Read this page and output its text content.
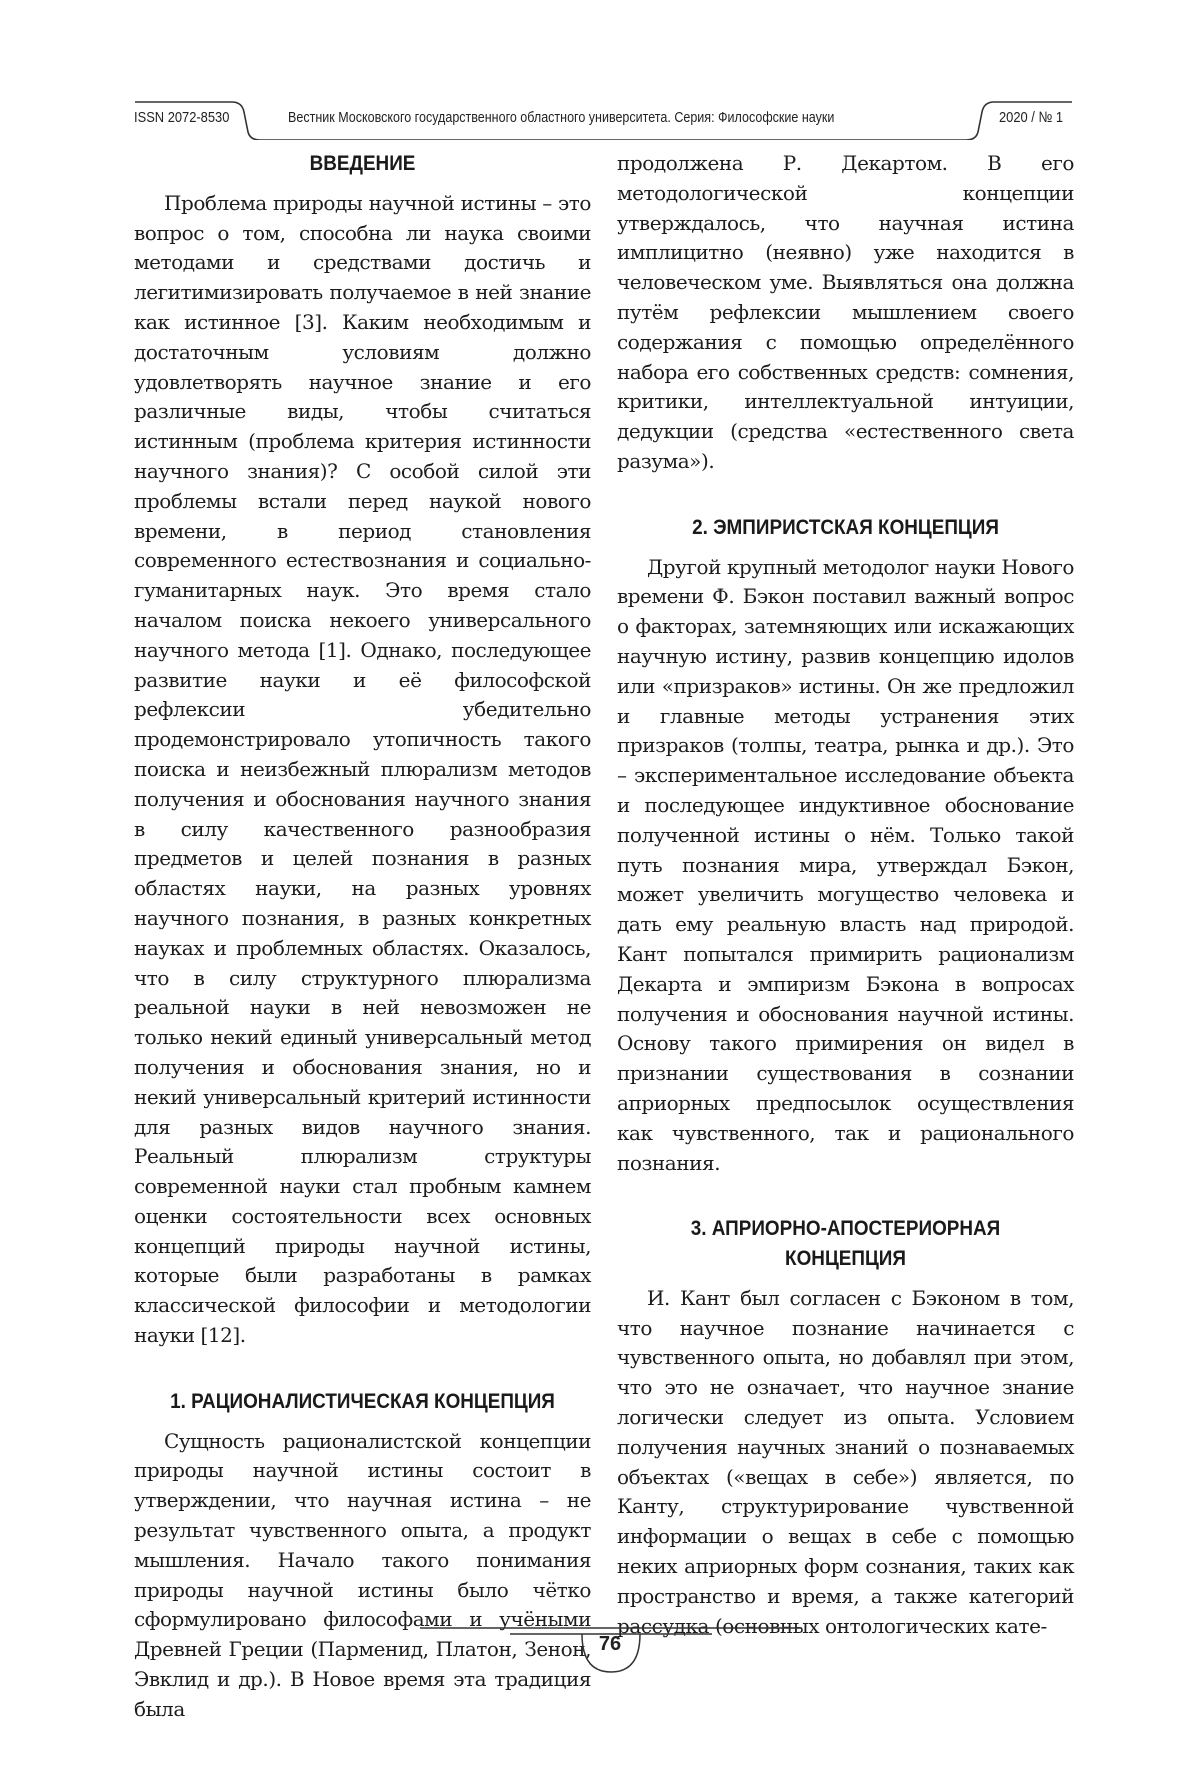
ISSN 2072-8530	Вестник Московского государственного областного университета. Серия: Философские науки	2020 / № 1
ВВЕДЕНИЕ

Проблема природы научной истины – это вопрос о том, способна ли наука своими методами и средствами достичь и легитимизировать получаемое в ней знание как истинное [3]. Каким необходимым и достаточным условиям должно удовлетворять научное знание и его различные виды, чтобы считаться истинным (проблема критерия истинности научного знания)? С особой силой эти проблемы встали перед наукой нового времени, в период становления современного естествознания и социально-гуманитарных наук. Это время стало началом поиска некоего универсального научного метода [1]. Однако, последующее развитие науки и её философской рефлексии убедительно продемонстрировало утопичность такого поиска и неизбежный плюрализм методов получения и обоснования научного знания в силу качественного разнообразия предметов и целей познания в разных областях науки, на разных уровнях научного познания, в разных конкретных науках и проблемных областях. Оказалось, что в силу структурного плюрализма реальной науки в ней невозможен не только некий единый универсальный метод получения и обоснования знания, но и некий универсальный критерий истинности для разных видов научного знания. Реальный плюрализм структуры современной науки стал пробным камнем оценки состоятельности всех основных концепций природы научной истины, которые были разработаны в рамках классической философии и методологии науки [12].

1. РАЦИОНАЛИСТИЧЕСКАЯ КОНЦЕПЦИЯ

Сущность рационалистской концепции природы научной истины состоит в утверждении, что научная истина – не результат чувственного опыта, а продукт мышления. Начало такого понимания природы научной истины было чётко сформулировано философами и учёными Древней Греции (Парменид, Платон, Зенон, Эвклид и др.). В Новое время эта традиция была

продолжена Р. Декартом. В его методологической концепции утверждалось, что научная истина имплицитно (неявно) уже находится в человеческом уме. Выявляться она должна путём рефлексии мышлением своего содержания с помощью определённого набора его собственных средств: сомнения, критики, интеллектуальной интуиции, дедукции (средства «естественного света разума»).

2. ЭМПИРИСТСКАЯ КОНЦЕПЦИЯ

Другой крупный методолог науки Нового времени Ф. Бэкон поставил важный вопрос о факторах, затемняющих или искажающих научную истину, развив концепцию идолов или «призраков» истины. Он же предложил и главные методы устранения этих призраков (толпы, театра, рынка и др.). Это – экспериментальное исследование объекта и последующее индуктивное обоснование полученной истины о нём. Только такой путь познания мира, утверждал Бэкон, может увеличить могущество человека и дать ему реальную власть над природой. Кант попытался примирить рационализм Декарта и эмпиризм Бэкона в вопросах получения и обоснования научной истины. Основу такого примирения он видел в признании существования в сознании априорных предпосылок осуществления как чувственного, так и рационального познания.

3. АПРИОРНО-АПОСТЕРИОРНАЯ
КОНЦЕПЦИЯ

И. Кант был согласен с Бэконом в том, что научное познание начинается с чувственного опыта, но добавлял при этом, что это не означает, что научное знание логически следует из опыта. Условием получения научных знаний о познаваемых объектах («вещах в себе») является, по Канту, структурирование чувственной информации о вещах в себе с помощью неких априорных форм сознания, таких как пространство и время, а также категорий рассудка (основных онтологических кате-

76
